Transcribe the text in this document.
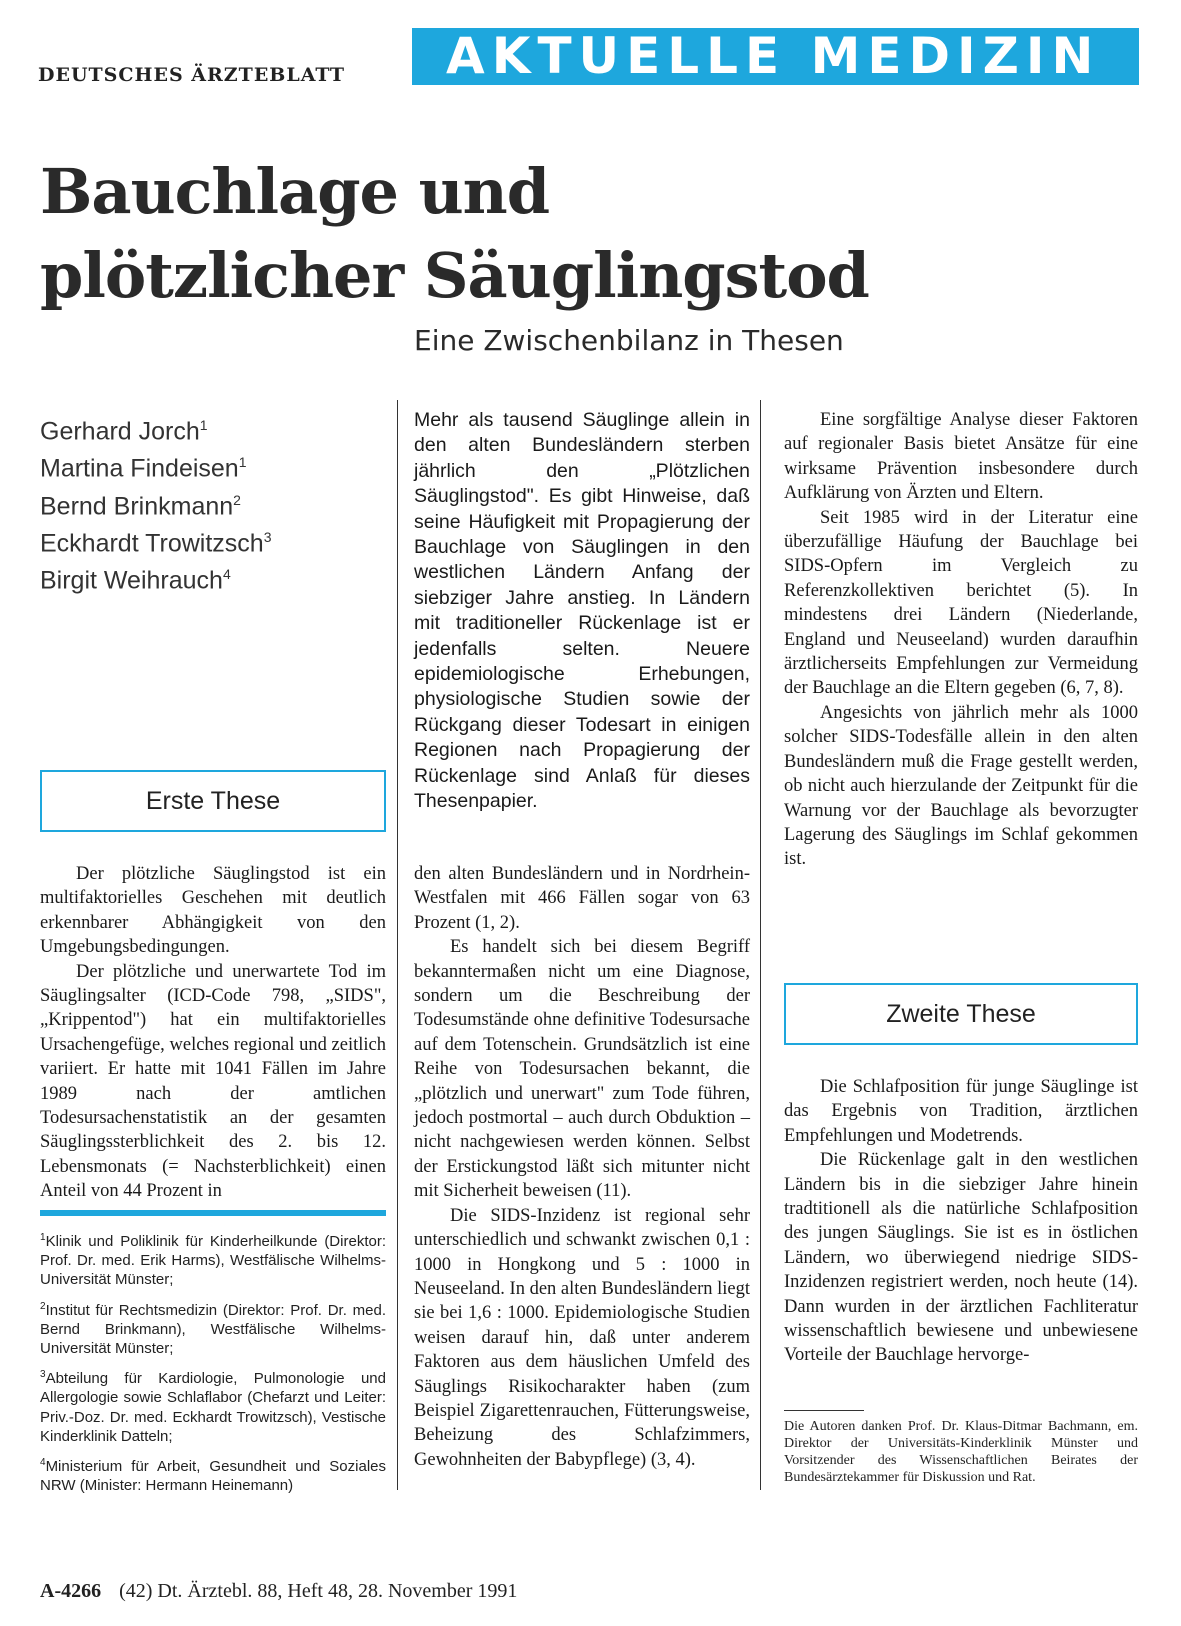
DEUTSCHES ÄRZTEBLATT	AKTUELLE MEDIZIN
Bauchlage und
plötzlicher Säuglingstod
Eine Zwischenbilanz in Thesen
Gerhard Jorch$^1$
Martina Findeisen$^1$
Bernd Brinkmann$^2$
Eckhardt Trowitzsch$^3$
Birgit Weihrauch$^4$

Mehr als tausend Säuglinge allein in den alten Bundesländern sterben jährlich den „Plötzlichen Säuglingstod". Es gibt Hinweise, daß seine Häufigkeit mit Propagierung der Bauchlage von Säuglingen in den westlichen Ländern Anfang der siebziger Jahre anstieg. In Ländern mit traditioneller Rückenlage ist er jedenfalls selten. Neuere epidemiologische Erhebungen, physiologische Studien sowie der Rückgang dieser Todesart in einigen Regionen nach Propagierung der Rückenlage sind Anlaß für dieses Thesenpapier.

Erste These

Der plötzliche Säuglingstod ist ein multifaktorielles Geschehen mit deutlich erkennbarer Abhängigkeit von den Umgebungsbedingungen.

Der plötzliche und unerwartete Tod im Säuglingsalter (ICD-Code 798, „SIDS", „Krippentod") hat ein multifaktorielles Ursachengefüge, welches regional und zeitlich variiert. Er hatte mit 1041 Fällen im Jahre 1989 nach der amtlichen Todesursachenstatistik an der gesamten Säuglingssterblichkeit des 2. bis 12. Lebensmonats (= Nachsterblichkeit) einen Anteil von 44 Prozent in

den alten Bundesländern und in Nordrhein-Westfalen mit 466 Fällen sogar von 63 Prozent (1, 2).

Es handelt sich bei diesem Begriff bekanntermaßen nicht um eine Diagnose, sondern um die Beschreibung der Todesumstände ohne definitive Todesursache auf dem Totenschein. Grundsätzlich ist eine Reihe von Todesursachen bekannt, die „plötzlich und unerwart" zum Tode führen, jedoch postmortal – auch durch Obduktion – nicht nachgewiesen werden können. Selbst der Erstickungstod läßt sich mitunter nicht mit Sicherheit beweisen (11).

Die SIDS-Inzidenz ist regional sehr unterschiedlich und schwankt zwischen 0,1 : 1000 in Hongkong und 5 : 1000 in Neuseeland. In den alten Bundesländern liegt sie bei 1,6 : 1000. Epidemiologische Studien weisen darauf hin, daß unter anderem Faktoren aus dem häuslichen Umfeld des Säuglings Risikocharakter haben (zum Beispiel Zigarettenrauchen, Fütterungsweise, Beheizung des Schlafzimmers, Gewohnheiten der Babypflege) (3, 4).

Eine sorgfältige Analyse dieser Faktoren auf regionaler Basis bietet Ansätze für eine wirksame Prävention insbesondere durch Aufklärung von Ärzten und Eltern.

Seit 1985 wird in der Literatur eine überzufällige Häufung der Bauchlage bei SIDS-Opfern im Vergleich zu Referenzkollektiven berichtet (5). In mindestens drei Ländern (Niederlande, England und Neuseeland) wurden daraufhin ärztlicherseits Empfehlungen zur Vermeidung der Bauchlage an die Eltern gegeben (6, 7, 8).

Angesichts von jährlich mehr als 1000 solcher SIDS-Todesfälle allein in den alten Bundesländern muß die Frage gestellt werden, ob nicht auch hierzulande der Zeitpunkt für die Warnung vor der Bauchlage als bevorzugter Lagerung des Säuglings im Schlaf gekommen ist.

Zweite These

Die Schlafposition für junge Säuglinge ist das Ergebnis von Tradition, ärztlichen Empfehlungen und Modetrends.

Die Rückenlage galt in den westlichen Ländern bis in die siebziger Jahre hinein tradtitionell als die natürliche Schlafposition des jungen Säuglings. Sie ist es in östlichen Ländern, wo überwiegend niedrige SIDS-Inzidenzen registriert werden, noch heute (14). Dann wurden in der ärztlichen Fachliteratur wissenschaftlich bewiesene und unbewiesene Vorteile der Bauchlage hervorge-

$^1$Klinik und Poliklinik für Kinderheilkunde (Direktor: Prof. Dr. med. Erik Harms), Westfälische Wilhelms-Universität Münster;

$^2$Institut für Rechtsmedizin (Direktor: Prof. Dr. med. Bernd Brinkmann), Westfälische Wilhelms-Universität Münster;

$^3$Abteilung für Kardiologie, Pulmonologie und Allergologie sowie Schlaflabor (Chefarzt und Leiter: Priv.-Doz. Dr. med. Eckhardt Trowitzsch), Vestische Kinderklinik Datteln;

$^4$Ministerium für Arbeit, Gesundheit und Soziales NRW (Minister: Hermann Heinemann)

Die Autoren danken Prof. Dr. Klaus-Ditmar Bachmann, em. Direktor der Universitäts-Kinderklinik Münster und Vorsitzender des Wissenschaftlichen Beirates der Bundesärztekammer für Diskussion und Rat.
A-4266 (42) Dt. Ärztebl. 88, Heft 48, 28. November 1991
